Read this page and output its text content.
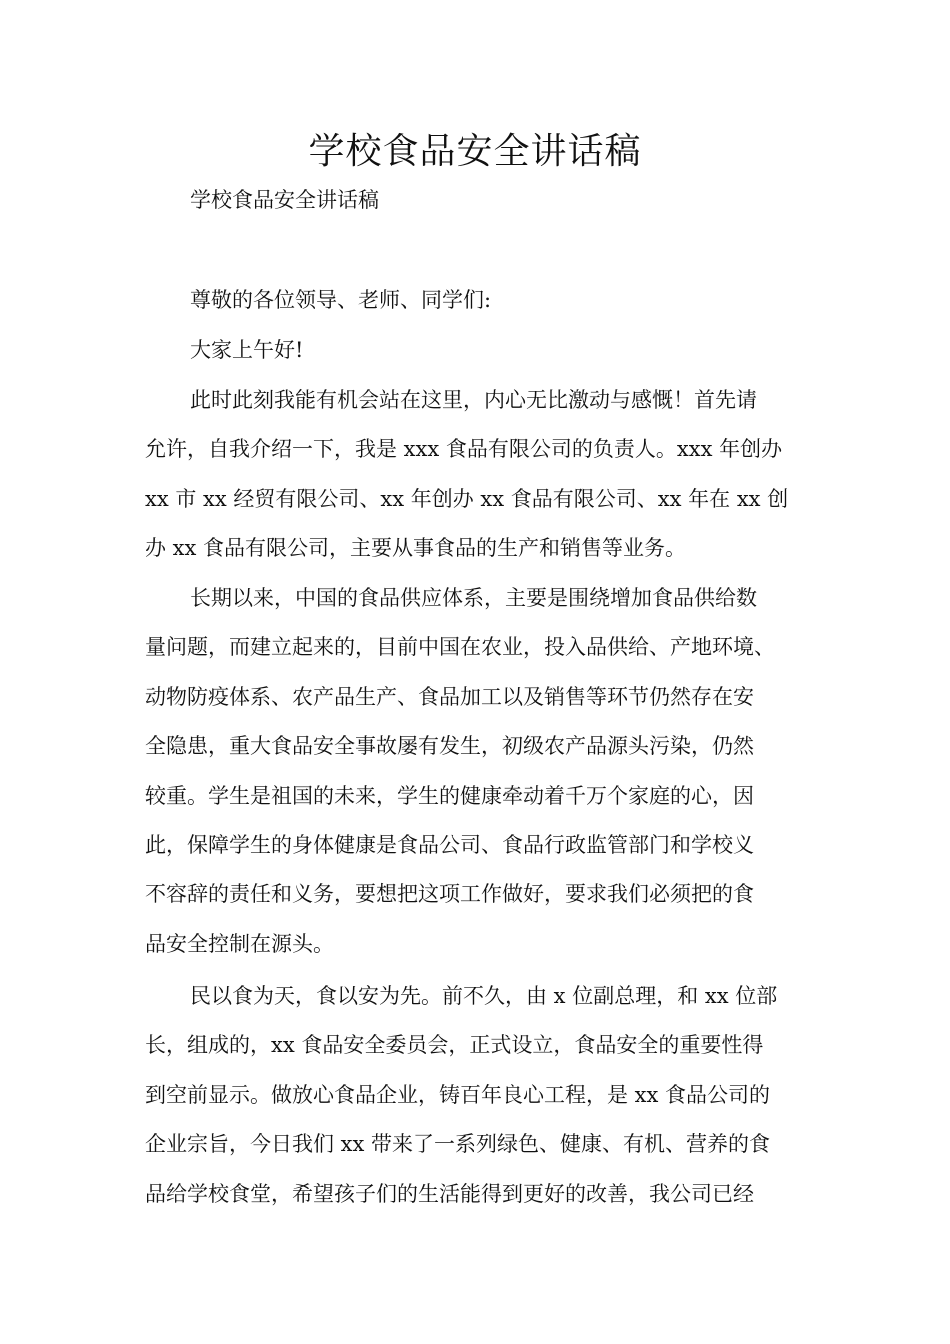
学校食品安全讲话稿

学校食品安全讲话稿

尊敬的各位领导、老师、同学们:

大家上午好!

此时此刻我能有机会站在这里，内心无比激动与感慨！首先请
允许，自我介绍一下，我是 xxx 食品有限公司的负责人。xxx 年创办
xx 市 xx 经贸有限公司、xx 年创办 xx 食品有限公司、xx 年在 xx 创
办 xx 食品有限公司，主要从事食品的生产和销售等业务。
长期以来，中国的食品供应体系，主要是围绕增加食品供给数
量问题，而建立起来的，目前中国在农业，投入品供给、产地环境、
动物防疫体系、农产品生产、食品加工以及销售等环节仍然存在安
全隐患，重大食品安全事故屡有发生，初级农产品源头污染，仍然
较重。学生是祖国的未来，学生的健康牵动着千万个家庭的心，因
此，保障学生的身体健康是食品公司、食品行政监管部门和学校义
不容辞的责任和义务，要想把这项工作做好，要求我们必须把的食
品安全控制在源头。
民以食为天，食以安为先。前不久，由 x 位副总理，和 xx 位部
长，组成的，xx 食品安全委员会，正式设立，食品安全的重要性得
到空前显示。做放心食品企业，铸百年良心工程，是 xx 食品公司的
企业宗旨，今日我们 xx 带来了一系列绿色、健康、有机、营养的食
品给学校食堂，希望孩子们的生活能得到更好的改善，我公司已经
